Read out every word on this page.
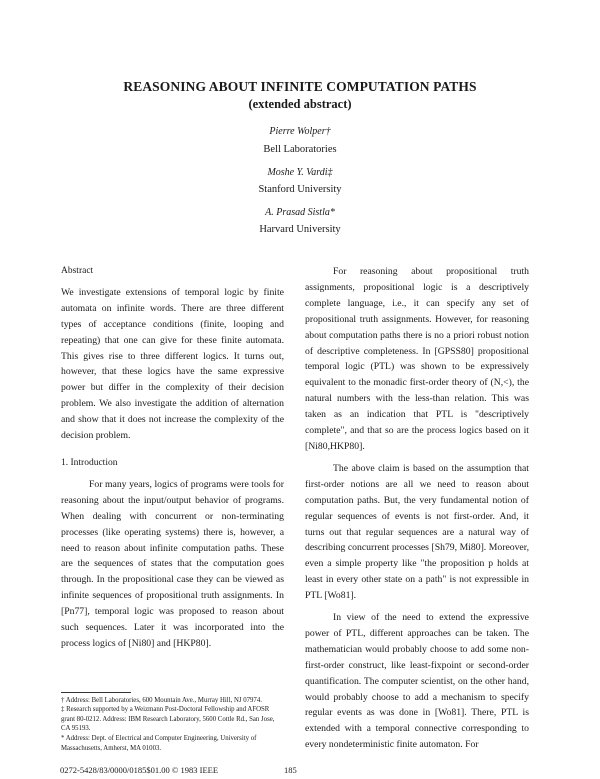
REASONING ABOUT INFINITE COMPUTATION PATHS
(extended abstract)
Pierre Wolper†
Bell Laboratories
Moshe Y. Vardi‡
Stanford University
A. Prasad Sistla*
Harvard University

Abstract

We investigate extensions of temporal logic by finite automata on infinite words. There are three different types of acceptance conditions (finite, looping and repeating) that one can give for these finite automata. This gives rise to three different logics. It turns out, however, that these logics have the same expressive power but differ in the complexity of their decision problem. We also investigate the addition of alternation and show that it does not increase the complexity of the decision problem.

1. Introduction

For many years, logics of programs were tools for reasoning about the input/output behavior of programs. When dealing with concurrent or non-terminating processes (like operating systems) there is, however, a need to reason about infinite computation paths. These are the sequences of states that the computation goes through. In the propositional case they can be viewed as infinite sequences of propositional truth assignments. In [Pn77], temporal logic was proposed to reason about such sequences. Later it was incorporated into the process logics of [Ni80] and [HKP80].

† Address: Bell Laboratories, 600 Mountain Ave., Murray Hill, NJ 07974.

‡ Research supported by a Weizmann Post-Doctoral Fellowship and AFOSR grant 80-0212. Address: IBM Research Laboratory, 5600 Cottle Rd., San Jose, CA 95193.

* Address: Dept. of Electrical and Computer Engineering, University of Massachusetts, Amherst, MA 01003.

For reasoning about propositional truth assignments, propositional logic is a descriptively complete language, i.e., it can specify any set of propositional truth assignments. However, for reasoning about computation paths there is no a priori robust notion of descriptive completeness. In [GPSS80] propositional temporal logic (PTL) was shown to be expressively equivalent to the monadic first-order theory of (N,<), the natural numbers with the less-than relation. This was taken as an indication that PTL is "descriptively complete", and that so are the process logics based on it [Ni80,HKP80].

The above claim is based on the assumption that first-order notions are all we need to reason about computation paths. But, the very fundamental notion of regular sequences of events is not first-order. And, it turns out that regular sequences are a natural way of describing concurrent processes [Sh79, Mi80]. Moreover, even a simple property like "the proposition p holds at least in every other state on a path" is not expressible in PTL [Wo81].

In view of the need to extend the expressive power of PTL, different approaches can be taken. The mathematician would probably choose to add some non-first-order construct, like least-fixpoint or second-order quantification. The computer scientist, on the other hand, would probably choose to add a mechanism to specify regular events as was done in [Wo81]. There, PTL is extended with a temporal connective corresponding to every nondeterministic finite automaton. For

0272-5428/83/0000/0185$01.00 © 1983 IEEE	185
